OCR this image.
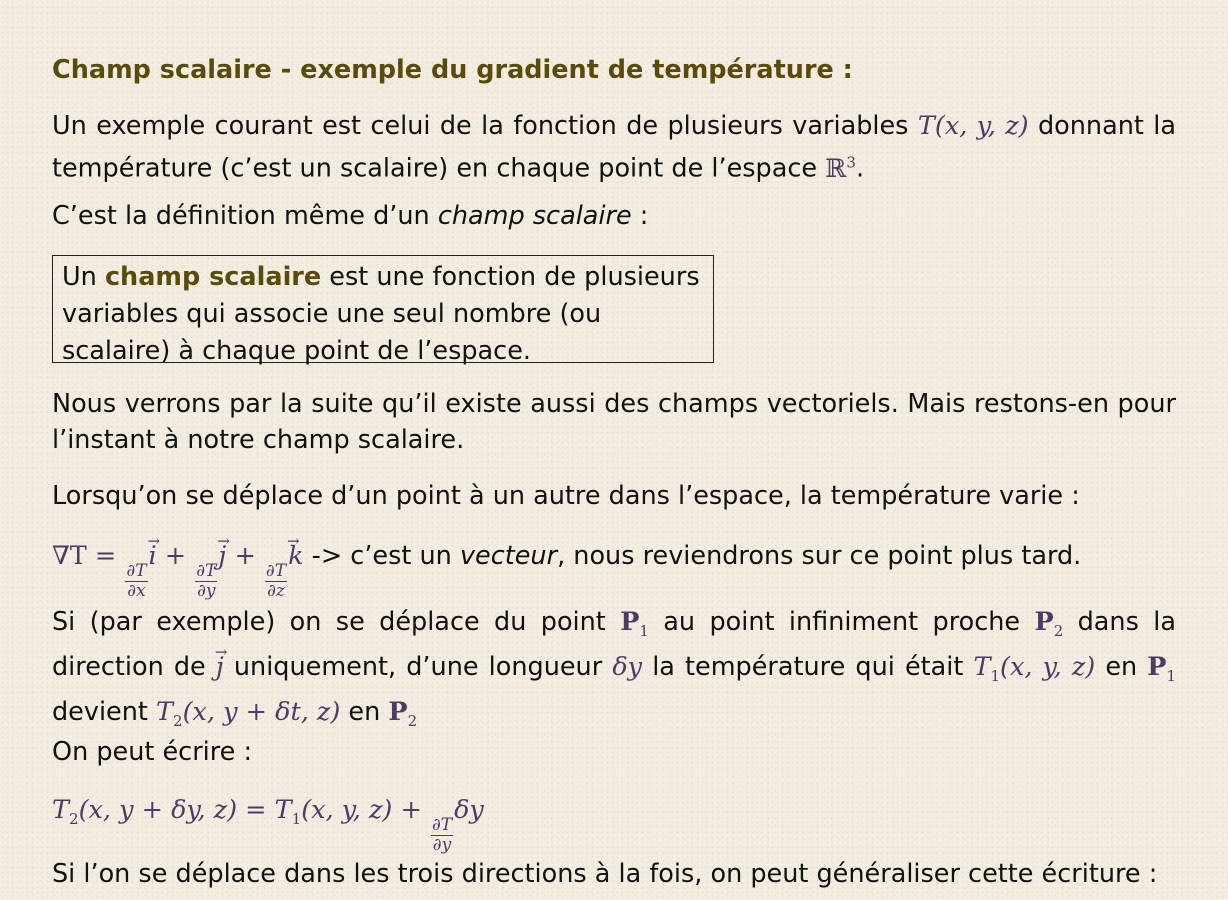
Champ scalaire - exemple du gradient de température :

Un exemple courant est celui de la fonction de plusieurs variables T(x, y, z) donnant la température (c’est un scalaire) en chaque point de l’espace ℝ$^3$.

C’est la définition même d’un champ scalaire :

Un champ scalaire est une fonction de plusieurs variables qui associe une seul nombre (ou scalaire) à chaque point de l’espace.

Nous verrons par la suite qu’il existe aussi des champs vectoriels. Mais restons-en pour l’instant à notre champ scalaire.

Lorsqu’on se déplace d’un point à un autre dans l’espace, la température varie :

∇T =
$\frac{\partial T}{\partial x}$
→ i +
$\frac{\partial T}{\partial y}$
→ j +
$\frac{\partial T}{\partial z}$
→ k -> c’est un vecteur, nous reviendrons sur ce point plus tard.

Si (par exemple) on se déplace du point $P_1$ au point infiniment proche $P_2$ dans la direction de → j uniquement, d’une longueur δy la température qui était $T_1(x$, y, z) en $P_1$ devient $T_2(x$, y + δt, z) en $P_2$

On peut écrire :

$T_2(x$, y + δy, $z) = T_1(x$, y, z) +
$\frac{\partial T}{\partial y}$
δy

Si l’on se déplace dans les trois directions à la fois, on peut généraliser cette écriture :
